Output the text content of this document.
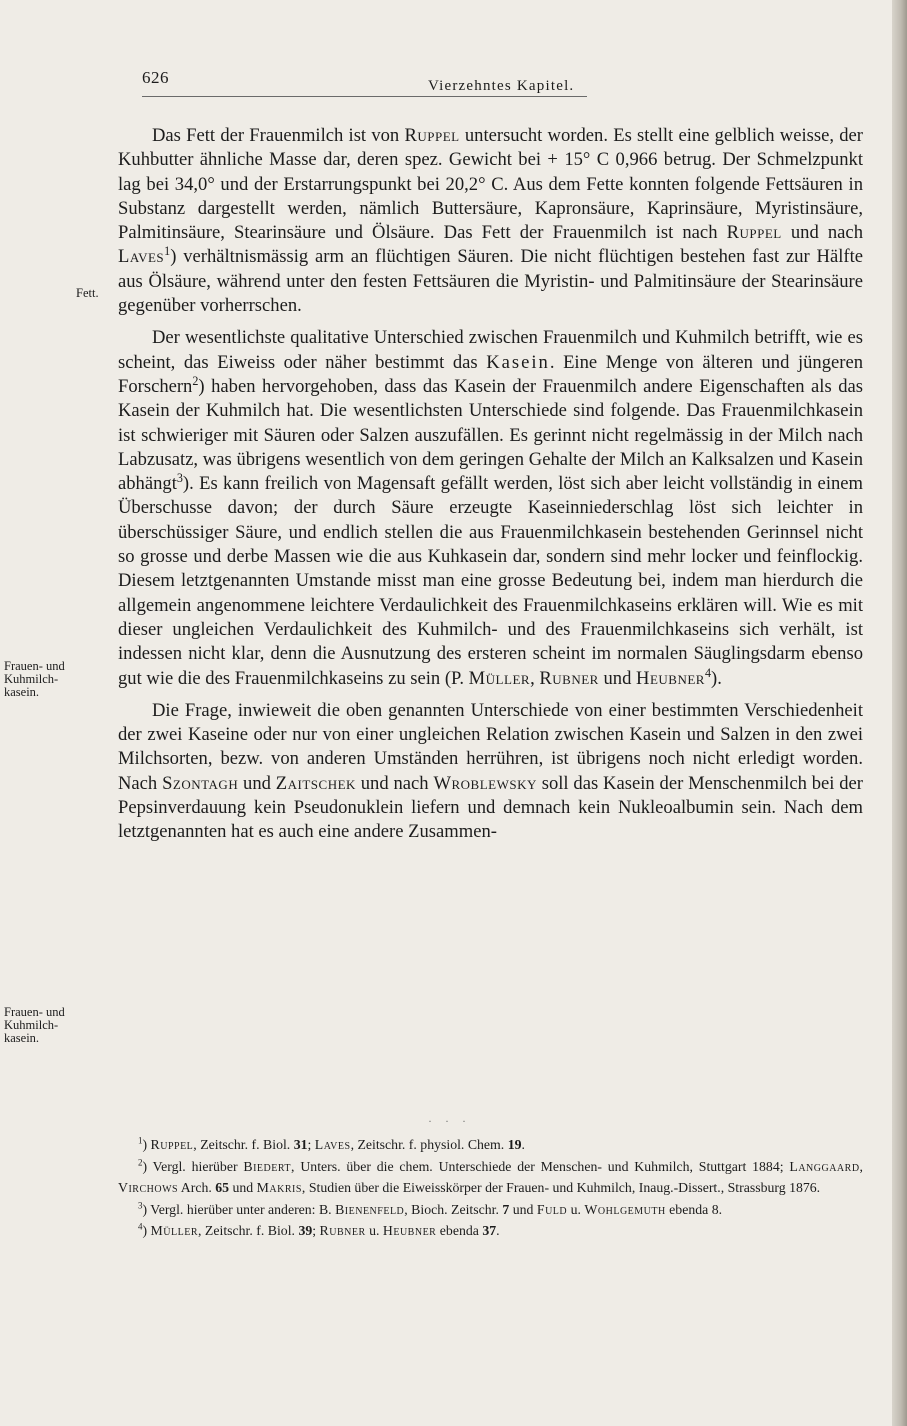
626	Vierzehntes Kapitel.
Fett.
Frauen- und
Kuhmilch-
kasein.
Frauen- und
Kuhmilch-
kasein.

Das Fett der Frauenmilch ist von Ruppel untersucht worden. Es stellt eine gelblich weisse, der Kuhbutter ähnliche Masse dar, deren spez. Gewicht bei + 15° C 0,966 betrug. Der Schmelzpunkt lag bei 34,0° und der Erstarrungspunkt bei 20,2° C. Aus dem Fette konnten folgende Fettsäuren in Substanz dargestellt werden, nämlich Buttersäure, Kapronsäure, Kaprinsäure, Myristinsäure, Palmitinsäure, Stearinsäure und Ölsäure. Das Fett der Frauenmilch ist nach Ruppel und nach Laves$^1$) verhältnismässig arm an flüchtigen Säuren. Die nicht flüchtigen bestehen fast zur Hälfte aus Ölsäure, während unter den festen Fettsäuren die Myristin- und Palmitinsäure der Stearinsäure gegenüber vorherrschen.

Der wesentlichste qualitative Unterschied zwischen Frauenmilch und Kuhmilch betrifft, wie es scheint, das Eiweiss oder näher bestimmt das Kasein. Eine Menge von älteren und jüngeren Forschern$^2$) haben hervorgehoben, dass das Kasein der Frauenmilch andere Eigenschaften als das Kasein der Kuhmilch hat. Die wesentlichsten Unterschiede sind folgende. Das Frauenmilchkasein ist schwieriger mit Säuren oder Salzen auszufällen. Es gerinnt nicht regelmässig in der Milch nach Labzusatz, was übrigens wesentlich von dem geringen Gehalte der Milch an Kalksalzen und Kasein abhängt$^3$). Es kann freilich von Magensaft gefällt werden, löst sich aber leicht vollständig in einem Überschusse davon; der durch Säure erzeugte Kaseinniederschlag löst sich leichter in überschüssiger Säure, und endlich stellen die aus Frauenmilchkasein bestehenden Gerinnsel nicht so grosse und derbe Massen wie die aus Kuhkasein dar, sondern sind mehr locker und feinflockig. Diesem letztgenannten Umstande misst man eine grosse Bedeutung bei, indem man hierdurch die allgemein angenommene leichtere Verdaulichkeit des Frauenmilchkaseins erklären will. Wie es mit dieser ungleichen Verdaulichkeit des Kuhmilch- und des Frauenmilchkaseins sich verhält, ist indessen nicht klar, denn die Ausnutzung des ersteren scheint im normalen Säuglingsdarm ebenso gut wie die des Frauenmilchkaseins zu sein (P. Müller, Rubner und Heubner$^4$).

Die Frage, inwieweit die oben genannten Unterschiede von einer bestimmten Verschiedenheit der zwei Kaseine oder nur von einer ungleichen Relation zwischen Kasein und Salzen in den zwei Milchsorten, bezw. von anderen Umständen herrühren, ist übrigens noch nicht erledigt worden. Nach Szontagh und Zaitschek und nach Wroblewsky soll das Kasein der Menschenmilch bei der Pepsinverdauung kein Pseudonuklein liefern und demnach kein Nukleoalbumin sein. Nach dem letztgenannten hat es auch eine andere Zusammen-

· · ·

$^1$) Ruppel, Zeitschr. f. Biol. 31; Laves, Zeitschr. f. physiol. Chem. 19.

$^2$) Vergl. hierüber Biedert, Unters. über die chem. Unterschiede der Menschen- und Kuhmilch, Stuttgart 1884; Langgaard, Virchows Arch. 65 und Makris, Studien über die Eiweisskörper der Frauen- und Kuhmilch, Inaug.-Dissert., Strassburg 1876.

$^3$) Vergl. hierüber unter anderen: B. Bienenfeld, Bioch. Zeitschr. 7 und Fuld u. Wohlgemuth ebenda 8.

$^4$) Müller, Zeitschr. f. Biol. 39; Rubner u. Heubner ebenda 37.
